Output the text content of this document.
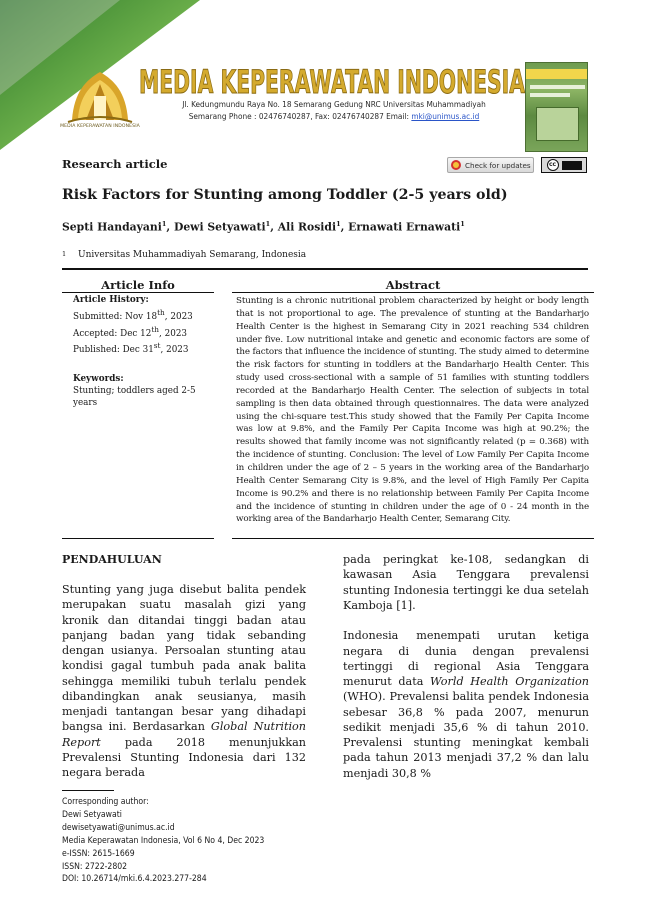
MEDIA KEPERAWATAN INDONESIA
MEDIA KEPERAWATAN INDONESIA
Jl. Kedungmundu Raya No. 18 Semarang Gedung NRC Universitas Muhammadiyah
Semarang Phone : 02476740287, Fax: 02476740287 Email: mki@unimus.ac.id
Research article	Check for updates	cc
Risk Factors for Stunting among Toddler (2-5 years old)
Septi Handayani$^1$, Dewi Setyawati$^1$, Ali Rosidi$^1$, Ernawati Ernawati$^1$
1 Universitas Muhammadiyah Semarang, Indonesia
Article Info	Abstract
Article History:
Submitted: Nov 18th, 2023
Accepted: Dec 12th, 2023
Published: Dec 31st, 2023
Keywords:
Stunting; toddlers aged 2-5 years
Stunting is a chronic nutritional problem characterized by height or body length that is not proportional to age. The prevalence of stunting at the Bandarharjo Health Center is the highest in Semarang City in 2021 reaching 534 children under five. Low nutritional intake and genetic and economic factors are some of the factors that influence the incidence of stunting. The study aimed to determine the risk factors for stunting in toddlers at the Bandarharjo Health Center. This study used cross-sectional with a sample of 51 families with stunting toddlers recorded at the Bandarharjo Health Center. The selection of subjects in total sampling is then data obtained through questionnaires. The data were analyzed using the chi-square test.This study showed that the Family Per Capita Income was low at 9.8%, and the Family Per Capita Income was high at 90.2%; the results showed that family income was not significantly related (p = 0.368) with the incidence of stunting. Conclusion: The level of Low Family Per Capita Income in children under the age of 2 – 5 years in the working area of the Bandarharjo Health Center Semarang City is 9.8%, and the level of High Family Per Capita Income is 90.2% and there is no relationship between Family Per Capita Income and the incidence of stunting in children under the age of 0 - 24 month in the working area of the Bandarharjo Health Center, Semarang City.
PENDAHULUAN

Stunting yang juga disebut balita pendek merupakan suatu masalah gizi yang kronik dan ditandai tinggi badan atau panjang badan yang tidak sebanding dengan usianya. Persoalan stunting atau kondisi gagal tumbuh pada anak balita sehingga memiliki tubuh terlalu pendek dibandingkan anak seusianya, masih menjadi tantangan besar yang dihadapi bangsa ini. Berdasarkan Global Nutrition Report pada 2018 menunjukkan Prevalensi Stunting Indonesia dari 132 negara berada

pada peringkat ke-108, sedangkan di kawasan Asia Tenggara prevalensi stunting Indonesia tertinggi ke dua setelah Kamboja [1].

Indonesia menempati urutan ketiga negara di dunia dengan prevalensi tertinggi di regional Asia Tenggara menurut data World Health Organization (WHO). Prevalensi balita pendek Indonesia sebesar 36,8 % pada 2007, menurun sedikit menjadi 35,6 % di tahun 2010. Prevalensi stunting meningkat kembali pada tahun 2013 menjadi 37,2 % dan lalu menjadi 30,8 %

Corresponding author:
Dewi Setyawati
dewisetyawati@unimus.ac.id
Media Keperawatan Indonesia, Vol 6 No 4, Dec 2023
e-ISSN: 2615-1669
ISSN: 2722-2802
DOI: 10.26714/mki.6.4.2023.277-284
